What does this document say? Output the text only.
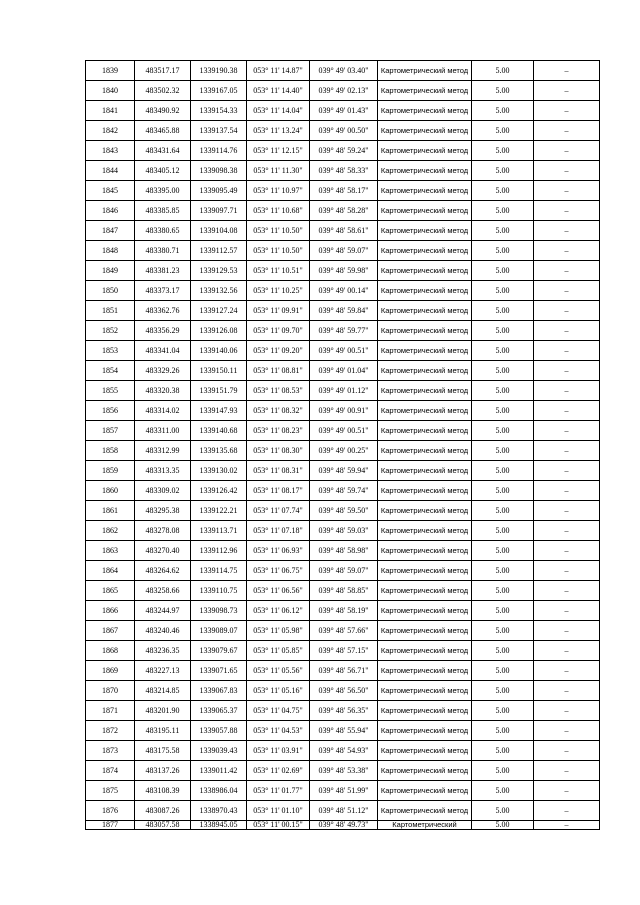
1839	483517.17	1339190.38	053° 11' 14.87"	039° 49' 03.40"	Картометрический метод	5.00	–
1840	483502.32	1339167.05	053° 11' 14.40"	039° 49' 02.13"	Картометрический метод	5.00	–
1841	483490.92	1339154.33	053° 11' 14.04"	039° 49' 01.43"	Картометрический метод	5.00	–
1842	483465.88	1339137.54	053° 11' 13.24"	039° 49' 00.50"	Картометрический метод	5.00	–
1843	483431.64	1339114.76	053° 11' 12.15"	039° 48' 59.24"	Картометрический метод	5.00	–
1844	483405.12	1339098.38	053° 11' 11.30"	039° 48' 58.33"	Картометрический метод	5.00	–
1845	483395.00	1339095.49	053° 11' 10.97"	039° 48' 58.17"	Картометрический метод	5.00	–
1846	483385.85	1339097.71	053° 11' 10.68"	039° 48' 58.28"	Картометрический метод	5.00	–
1847	483380.65	1339104.08	053° 11' 10.50"	039° 48' 58.61"	Картометрический метод	5.00	–
1848	483380.71	1339112.57	053° 11' 10.50"	039° 48' 59.07"	Картометрический метод	5.00	–
1849	483381.23	1339129.53	053° 11' 10.51"	039° 48' 59.98"	Картометрический метод	5.00	–
1850	483373.17	1339132.56	053° 11' 10.25"	039° 49' 00.14"	Картометрический метод	5.00	–
1851	483362.76	1339127.24	053° 11' 09.91"	039° 48' 59.84"	Картометрический метод	5.00	–
1852	483356.29	1339126.08	053° 11' 09.70"	039° 48' 59.77"	Картометрический метод	5.00	–
1853	483341.04	1339140.06	053° 11' 09.20"	039° 49' 00.51"	Картометрический метод	5.00	–
1854	483329.26	1339150.11	053° 11' 08.81"	039° 49' 01.04"	Картометрический метод	5.00	–
1855	483320.38	1339151.79	053° 11' 08.53"	039° 49' 01.12"	Картометрический метод	5.00	–
1856	483314.02	1339147.93	053° 11' 08.32"	039° 49' 00.91"	Картометрический метод	5.00	–
1857	483311.00	1339140.68	053° 11' 08.23"	039° 49' 00.51"	Картометрический метод	5.00	–
1858	483312.99	1339135.68	053° 11' 08.30"	039° 49' 00.25"	Картометрический метод	5.00	–
1859	483313.35	1339130.02	053° 11' 08.31"	039° 48' 59.94"	Картометрический метод	5.00	–
1860	483309.02	1339126.42	053° 11' 08.17"	039° 48' 59.74"	Картометрический метод	5.00	–
1861	483295.38	1339122.21	053° 11' 07.74"	039° 48' 59.50"	Картометрический метод	5.00	–
1862	483278.08	1339113.71	053° 11' 07.18"	039° 48' 59.03"	Картометрический метод	5.00	–
1863	483270.40	1339112.96	053° 11' 06.93"	039° 48' 58.98"	Картометрический метод	5.00	–
1864	483264.62	1339114.75	053° 11' 06.75"	039° 48' 59.07"	Картометрический метод	5.00	–
1865	483258.66	1339110.75	053° 11' 06.56"	039° 48' 58.85"	Картометрический метод	5.00	–
1866	483244.97	1339098.73	053° 11' 06.12"	039° 48' 58.19"	Картометрический метод	5.00	–
1867	483240.46	1339089.07	053° 11' 05.98"	039° 48' 57.66"	Картометрический метод	5.00	–
1868	483236.35	1339079.67	053° 11' 05.85"	039° 48' 57.15"	Картометрический метод	5.00	–
1869	483227.13	1339071.65	053° 11' 05.56"	039° 48' 56.71"	Картометрический метод	5.00	–
1870	483214.85	1339067.83	053° 11' 05.16"	039° 48' 56.50"	Картометрический метод	5.00	–
1871	483201.90	1339065.37	053° 11' 04.75"	039° 48' 56.35"	Картометрический метод	5.00	–
1872	483195.11	1339057.88	053° 11' 04.53"	039° 48' 55.94"	Картометрический метод	5.00	–
1873	483175.58	1339039.43	053° 11' 03.91"	039° 48' 54.93"	Картометрический метод	5.00	–
1874	483137.26	1339011.42	053° 11' 02.69"	039° 48' 53.38"	Картометрический метод	5.00	–
1875	483108.39	1338986.04	053° 11' 01.77"	039° 48' 51.99"	Картометрический метод	5.00	–
1876	483087.26	1338970.43	053° 11' 01.10"	039° 48' 51.12"	Картометрический метод	5.00	–
1877	483057.58	1338945.05	053° 11' 00.15"	039° 48' 49.73"	Картометрический	5.00	–
